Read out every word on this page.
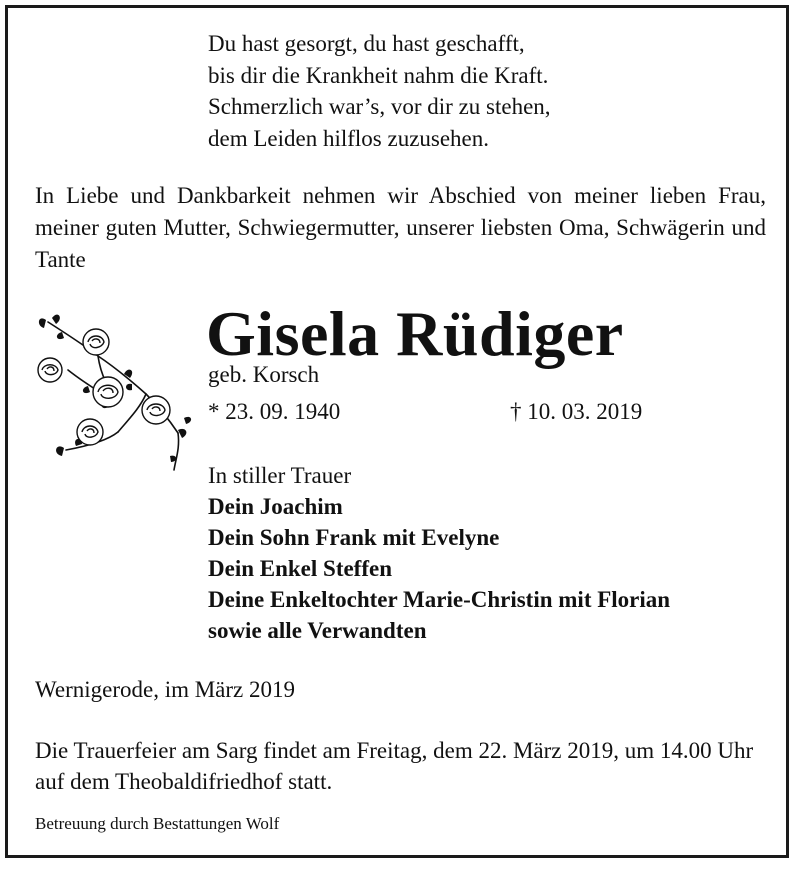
Du hast gesorgt, du hast geschafft,
bis dir die Krankheit nahm die Kraft.
Schmerzlich war’s, vor dir zu stehen,
dem Leiden hilflos zuzusehen.
In Liebe und Dankbarkeit nehmen wir Abschied von meiner lieben Frau, meiner guten Mutter, Schwiegermutter, unserer liebsten Oma, Schwägerin und Tante
Gisela Rüdiger
geb. Korsch
* 23. 09. 1940	† 10. 03. 2019
In stiller Trauer
Dein Joachim
Dein Sohn Frank mit Evelyne
Dein Enkel Steffen
Deine Enkeltochter Marie-Christin mit Florian
sowie alle Verwandten
Wernigerode, im März 2019
Die Trauerfeier am Sarg findet am Freitag, dem 22. März 2019, um 14.00 Uhr auf dem Theobaldifriedhof statt.
Betreuung durch Bestattungen Wolf
